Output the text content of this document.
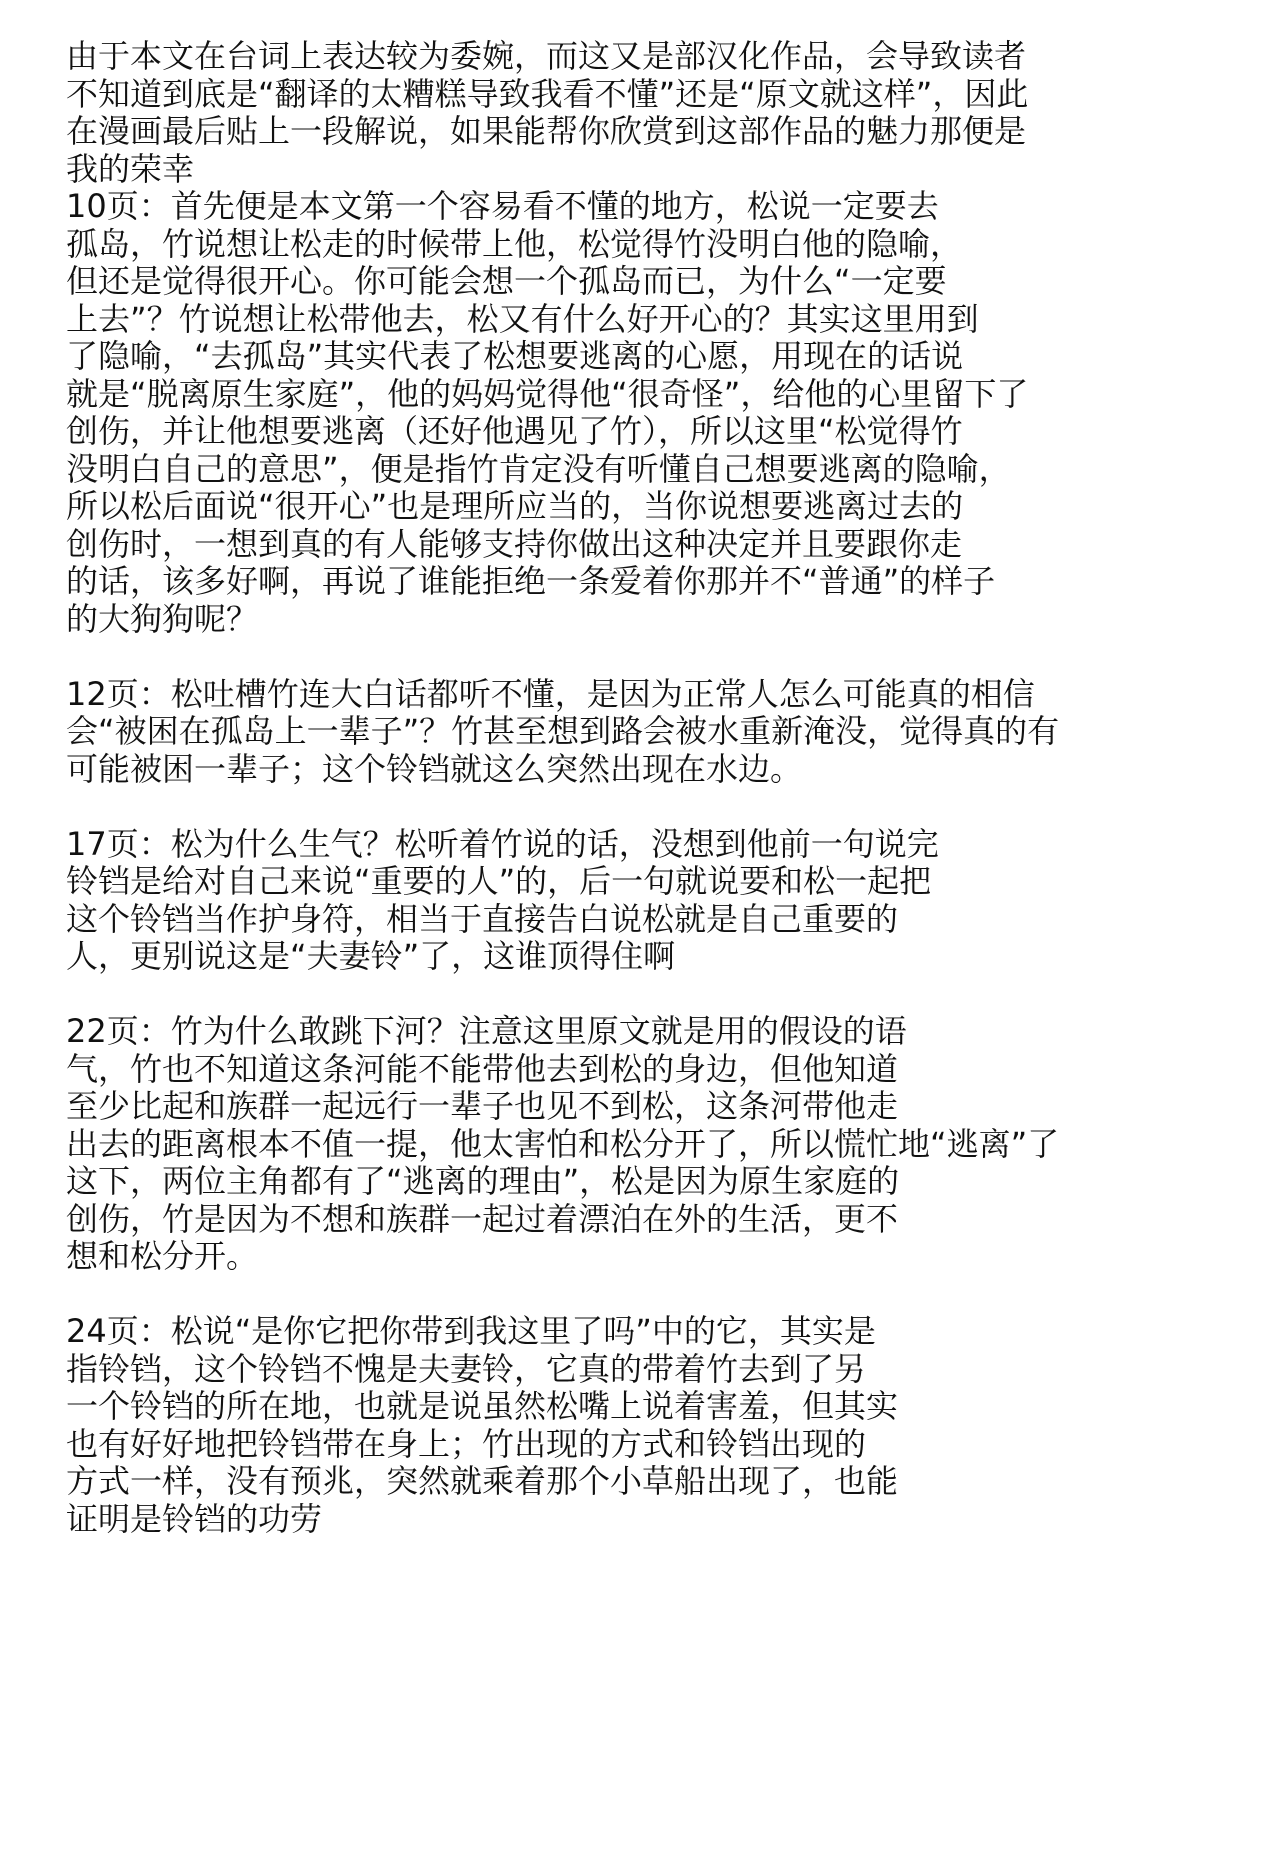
由于本文在台词上表达较为委婉，而这又是部汉化作品，会导致读者
不知道到底是“翻译的太糟糕导致我看不懂”还是“原文就这样”，因此
在漫画最后贴上一段解说，如果能帮你欣赏到这部作品的魅力那便是
我的荣幸
10页：首先便是本文第一个容易看不懂的地方，松说一定要去
孤岛，竹说想让松走的时候带上他，松觉得竹没明白他的隐喻，
但还是觉得很开心。你可能会想一个孤岛而已，为什么“一定要
上去”？竹说想让松带他去，松又有什么好开心的？其实这里用到
了隐喻，“去孤岛”其实代表了松想要逃离的心愿，用现在的话说
就是“脱离原生家庭”，他的妈妈觉得他“很奇怪”，给他的心里留下了
创伤，并让他想要逃离（还好他遇见了竹），所以这里“松觉得竹
没明白自己的意思”，便是指竹肯定没有听懂自己想要逃离的隐喻，
所以松后面说“很开心”也是理所应当的，当你说想要逃离过去的
创伤时，一想到真的有人能够支持你做出这种决定并且要跟你走
的话，该多好啊，再说了谁能拒绝一条爱着你那并不“普通”的样子
的大狗狗呢？
12页：松吐槽竹连大白话都听不懂，是因为正常人怎么可能真的相信
会“被困在孤岛上一辈子”？竹甚至想到路会被水重新淹没，觉得真的有
可能被困一辈子；这个铃铛就这么突然出现在水边。
17页：松为什么生气？松听着竹说的话，没想到他前一句说完
铃铛是给对自己来说“重要的人”的，后一句就说要和松一起把
这个铃铛当作护身符，相当于直接告白说松就是自己重要的
人，更别说这是“夫妻铃”了，这谁顶得住啊
22页：竹为什么敢跳下河？注意这里原文就是用的假设的语
气，竹也不知道这条河能不能带他去到松的身边，但他知道
至少比起和族群一起远行一辈子也见不到松，这条河带他走
出去的距离根本不值一提，他太害怕和松分开了，所以慌忙地“逃离”了
这下，两位主角都有了“逃离的理由”，松是因为原生家庭的
创伤，竹是因为不想和族群一起过着漂泊在外的生活，更不
想和松分开。
24页：松说“是你它把你带到我这里了吗”中的它，其实是
指铃铛，这个铃铛不愧是夫妻铃，它真的带着竹去到了另
一个铃铛的所在地，也就是说虽然松嘴上说着害羞，但其实
也有好好地把铃铛带在身上；竹出现的方式和铃铛出现的
方式一样，没有预兆，突然就乘着那个小草船出现了，也能
证明是铃铛的功劳
